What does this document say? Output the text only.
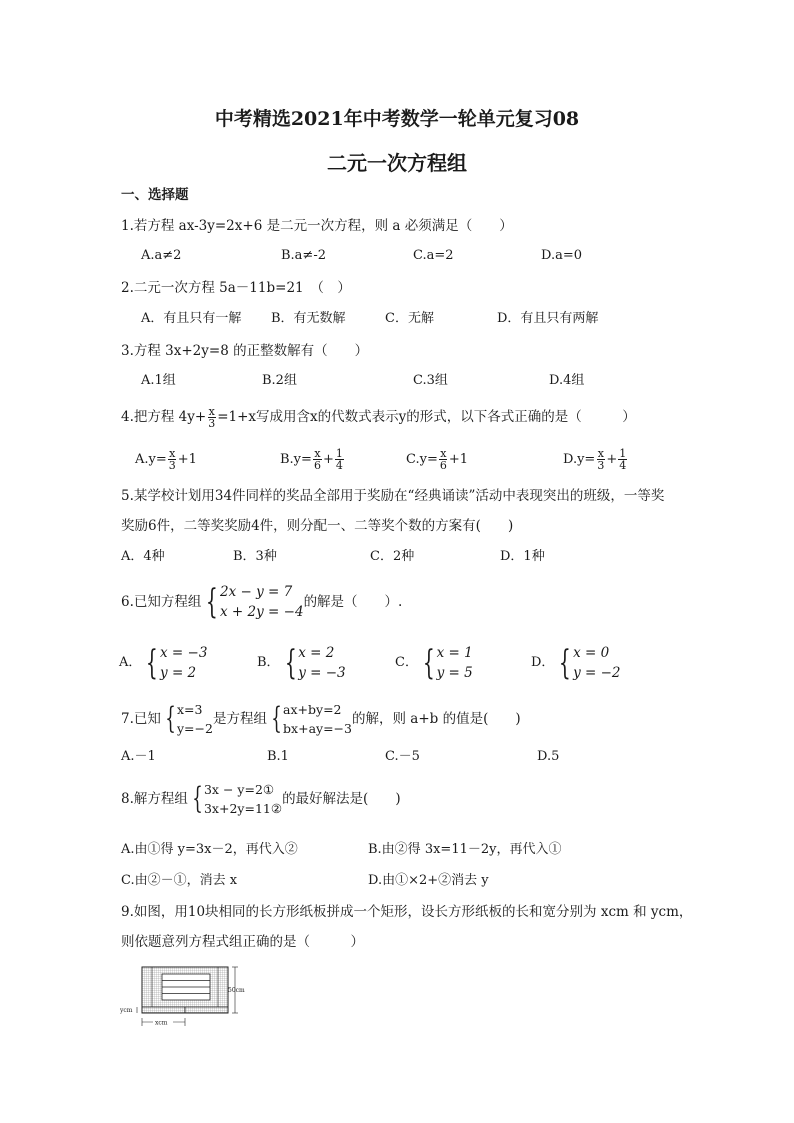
中考精选2021年中考数学一轮单元复习08
二元一次方程组
一、选择题
1.若方程 ax-3y=2x+6 是二元一次方程，则 a 必须满足（　　）
A.a≠2	B.a≠-2	C.a=2	D.a=0
2.二元一次方程 5a－11b=21　（　）
A．有且只有一解 B．有无数解	C．无解	D．有且只有两解
3.方程 3x+2y=8 的正整数解有（　　）
A.1组	B.2组	C.3组	D.4组
4.把方程 $4y+ \frac{x}{3} =1+x$写成用含x的代数式表示y的形式，以下各式正确的是（　　　）
$A.y= \frac{x}{3} +1$	$B.y= \frac{x}{6} + \frac{1}{4}$	$C.y= \frac{x}{6} +1$	$D.y= \frac{x}{3} + \frac{1}{4}$
5.某学校计划用34件同样的奖品全部用于奖励在“经典诵读”活动中表现突出的班级，一等奖
奖励6件，二等奖奖励4件，则分配一、二等奖个数的方案有(　　)
A．4种	B．3种	C．2种	D．1种
6.已知方程组 { 2x − y = 7
x + 2y = −4
的解是（　　）.
A． { x = −3
y = 2
B． { x = 2
y = −3
C． { x = 1
y = 5
D． { x = 0
y = −2
7.已知 { x=3
y=−2
是方程组 { ax+by=2
bx+ay=−3
的解，则 a+b 的值是(　　)
A.－1	B.1	C.－5	D.5
8.解方程组 { 3x − y=2①
3x+2y=11②
的最好解法是(　　)
A.由①得 y=3x－2，再代入②	B.由②得 3x=11－2y，再代入①
C.由②－①，消去 x	D.由①×2+②消去 y
9.如图，用10块相同的长方形纸板拼成一个矩形，设长方形纸板的长和宽分别为 xcm 和 ycm，
则依题意列方程式组正确的是（　　　）
50cm
ycm
xcm
